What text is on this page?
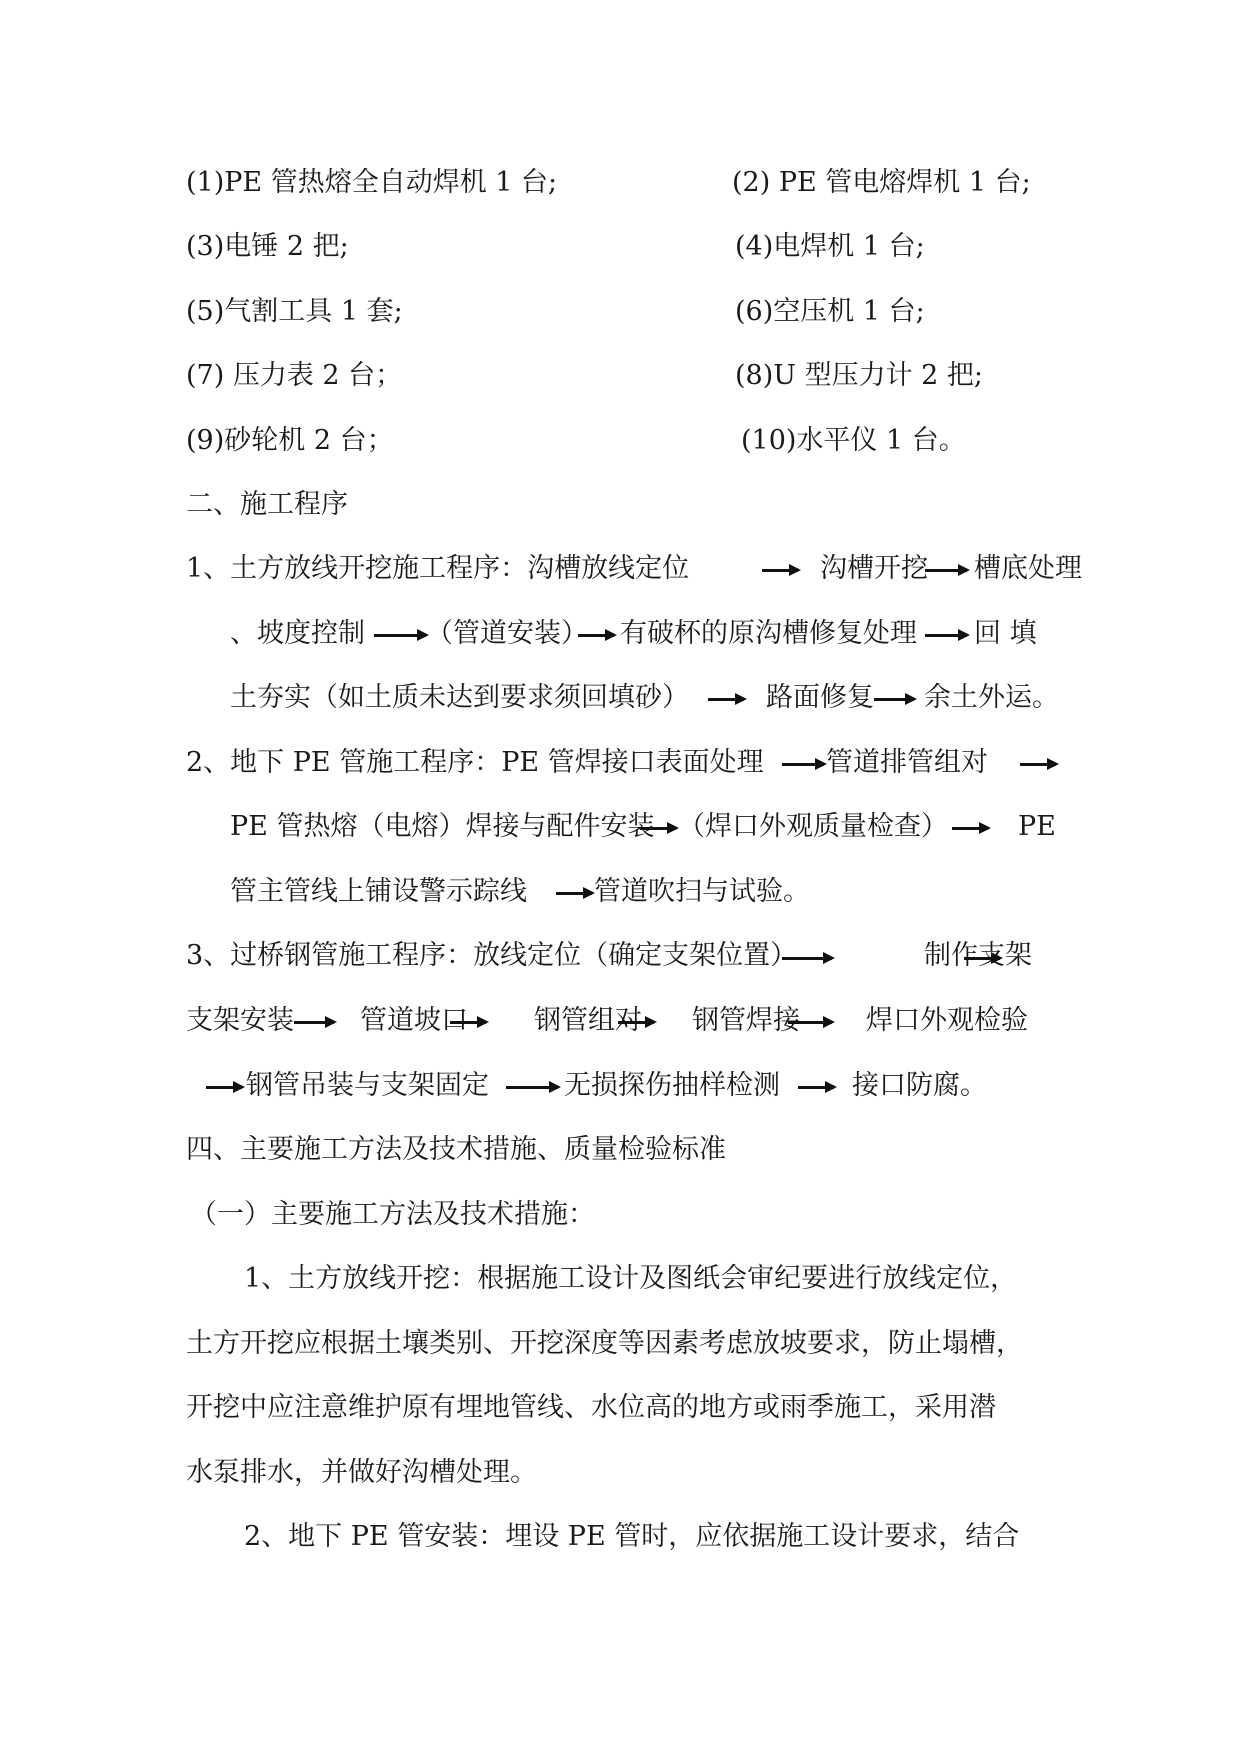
(1)PE 管热熔全自动焊机 1 台;	(2) PE 管电熔焊机 1 台;
(3)电锤 2 把;	(4)电焊机 1 台;
(5)气割工具 1 套;	(6)空压机 1 台;
(7) 压力表 2 台；	(8)U 型压力计 2 把;
(9)砂轮机 2 台；	(10)水平仪 1 台。
二、施工程序
1、土方放线开挖施工程序：沟槽放线定位	沟槽开挖 槽底处理
、坡度控制 （管道安装） 有破杯的原沟槽修复处理 回 填
土夯实（如土质未达到要求须回填砂）	路面修复 余土外运。
2、地下 PE 管施工程序：PE 管焊接口表面处理 管道排管组对
PE 管热熔（电熔）焊接与配件安装 （焊口外观质量检查）	PE
管主管线上铺设警示踪线 管道吹扫与试验。
3、过桥钢管施工程序：放线定位（确定支架位置）	制作支架
支架安装 管道坡口 钢管组对 钢管焊接 焊口外观检验
钢管吊装与支架固定	无损探伤抽样检测	接口防腐。
四、主要施工方法及技术措施、质量检验标准
（一）主要施工方法及技术措施：
1、土方放线开挖：根据施工设计及图纸会审纪要进行放线定位，
土方开挖应根据土壤类别、开挖深度等因素考虑放坡要求，防止塌槽，
开挖中应注意维护原有埋地管线、水位高的地方或雨季施工，采用潜
水泵排水，并做好沟槽处理。
2、地下 PE 管安装：埋设 PE 管时，应依据施工设计要求，结合
